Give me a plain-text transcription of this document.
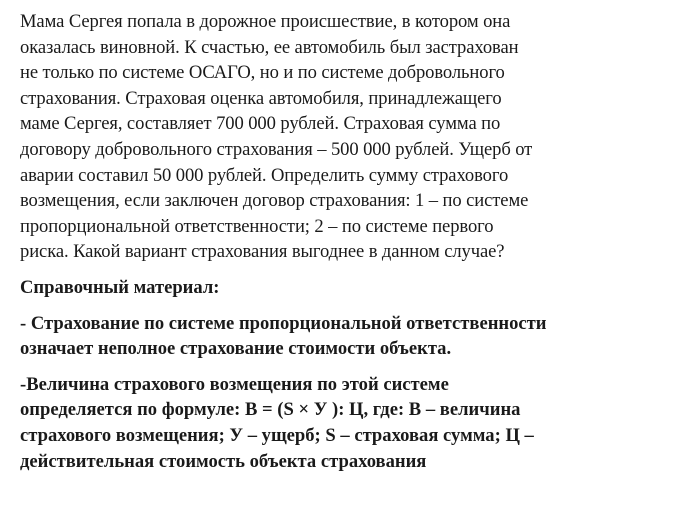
Мама Сергея попала в дорожное происшествие, в котором она
оказалась виновной. К счастью, ее автомобиль был застрахован
не только по системе ОСАГО, но и по системе добровольного
страхования. Страховая оценка автомобиля, принадлежащего
маме Сергея, составляет 700 000 рублей. Страховая сумма по
договору добровольного страхования – 500 000 рублей. Ущерб от
аварии составил 50 000 рублей. Определить сумму страхового
возмещения, если заключен договор страхования: 1 – по системе
пропорциональной ответственности; 2 – по системе первого
риска. Какой вариант страхования выгоднее в данном случае?

Справочный материал:

- Страхование по системе пропорциональной ответственности
означает неполное страхование стоимости объекта.

-Величина страхового возмещения по этой системе
определяется по формуле: В = (S × У ): Ц, где: В – величина
страхового возмещения; У – ущерб; S – страховая сумма; Ц –
действительная стоимость объекта страхования
